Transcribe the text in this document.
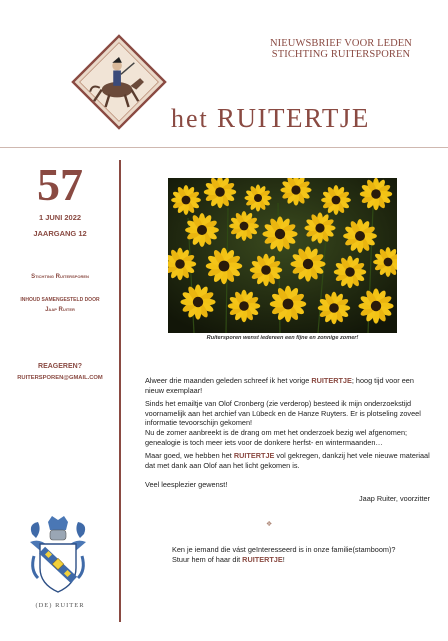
NIEUWSBRIEF VOOR LEDEN
STICHTING RUITERSPOREN
het RUITERTJE
57
1 JUNI 2022
JAARGANG 12
Stichting Ruitersporen
INHOUD SAMENGESTELD DOOR
Jaap Ruiter
REAGEREN?
RUITERSPOREN@GMAIL.COM
(DE) RUITER
Ruitersporen wenst iedereen een fijne en zonnige zomer!

Alweer drie maanden geleden schreef ik het vorige RUITERTJE; hoog tijd voor een nieuw exemplaar!

Sinds het emailtje van Olof Cronberg (zie verderop) besteed ik mijn onderzoekstijd voornamelijk aan het archief van Lübeck en de Hanze Ruyters. Er is plotseling zoveel informatie tevoorschijn gekomen!
Nu de zomer aanbreekt is de drang om met het onderzoek bezig wel afgenomen; genealogie is toch meer iets voor de donkere herfst- en wintermaanden…

Maar goed, we hebben het RUITERTJE vol gekregen, dankzij het vele nieuwe materiaal dat met dank aan Olof aan het licht gekomen is.

Veel leesplezier gewenst!

Jaap Ruiter, voorzitter

❖
Ken je iemand die vást geïnteresseerd is in onze familie(stamboom)?
Stuur hem of haar dit RUITERTJE!
